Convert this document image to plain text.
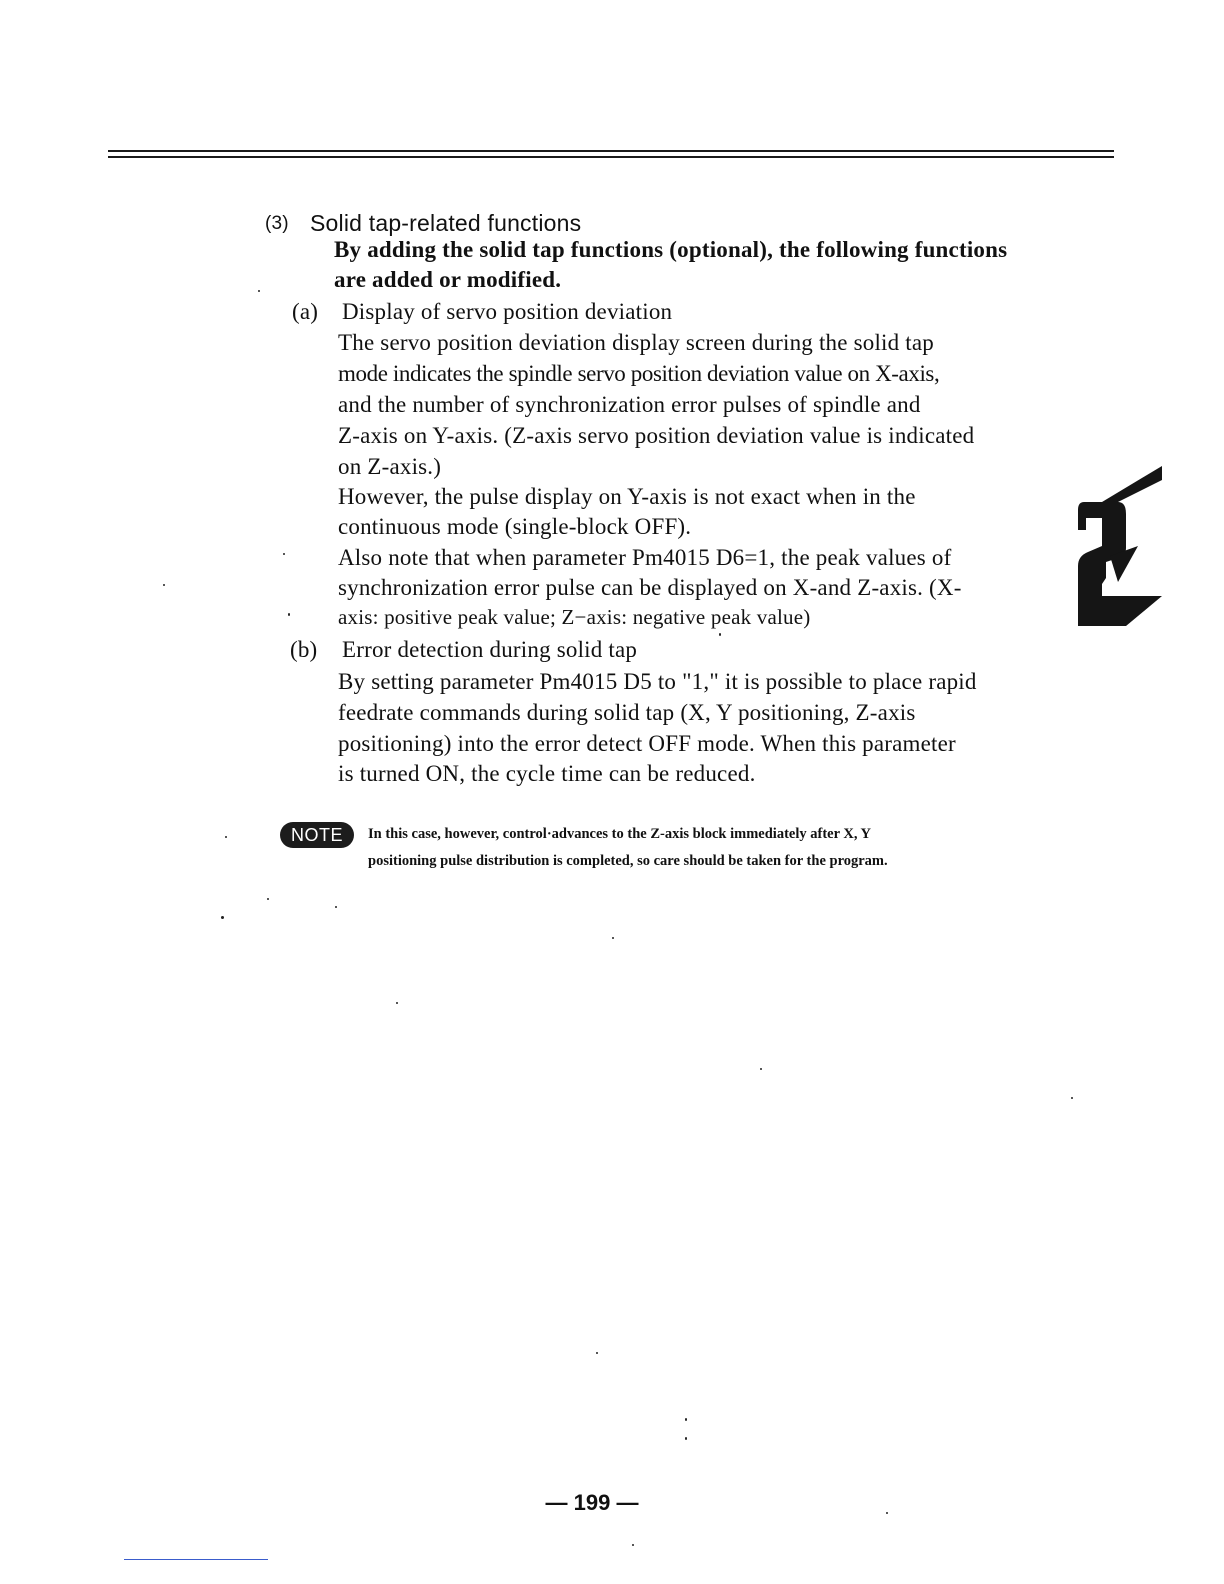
(3) Solid tap-related functions

By adding the solid tap functions (optional), the following functions

are added or modified.

(a) Display of servo position deviation

The servo position deviation display screen during the solid tap

mode indicates the spindle servo position deviation value on X-axis,

and the number of synchronization error pulses of spindle and

Z-axis on Y-axis. (Z-axis servo position deviation value is indicated

on Z-axis.)

However, the pulse display on Y-axis is not exact when in the

continuous mode (single-block OFF).

Also note that when parameter Pm4015 D6=1, the peak values of

synchronization error pulse can be displayed on X-and Z-axis. (X-

axis: positive peak value; Z−axis: negative peak value)

(b) Error detection during solid tap

By setting parameter Pm4015 D5 to "1," it is possible to place rapid

feedrate commands during solid tap (X, Y positioning, Z-axis

positioning) into the error detect OFF mode. When this parameter

is turned ON, the cycle time can be reduced.

NOTE	In this case, however, control·advances to the Z-axis block immediately after X, Y

positioning pulse distribution is completed, so care should be taken for the program.

— 199 —
